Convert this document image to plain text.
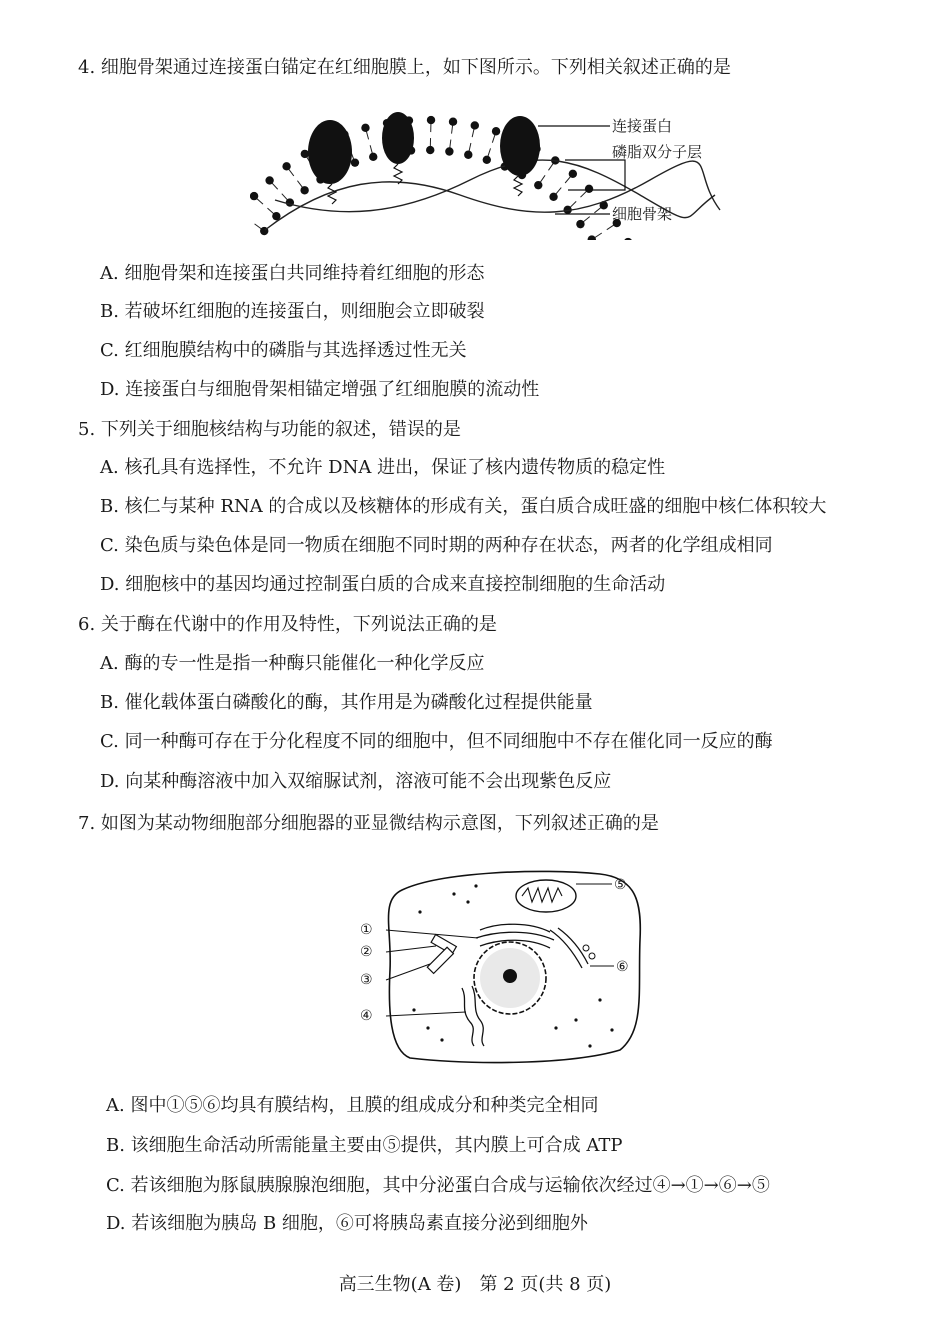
4. 细胞骨架通过连接蛋白锚定在红细胞膜上，如下图所示。下列相关叙述正确的是
连接蛋白
磷脂双分子层
细胞骨架
A. 细胞骨架和连接蛋白共同维持着红细胞的形态
B. 若破坏红细胞的连接蛋白，则细胞会立即破裂
C. 红细胞膜结构中的磷脂与其选择透过性无关
D. 连接蛋白与细胞骨架相锚定增强了红细胞膜的流动性
5. 下列关于细胞核结构与功能的叙述，错误的是
A. 核孔具有选择性，不允许 DNA 进出，保证了核内遗传物质的稳定性
B. 核仁与某种 RNA 的合成以及核糖体的形成有关，蛋白质合成旺盛的细胞中核仁体积较大
C. 染色质与染色体是同一物质在细胞不同时期的两种存在状态，两者的化学组成相同
D. 细胞核中的基因均通过控制蛋白质的合成来直接控制细胞的生命活动
6. 关于酶在代谢中的作用及特性，下列说法正确的是
A. 酶的专一性是指一种酶只能催化一种化学反应
B. 催化载体蛋白磷酸化的酶，其作用是为磷酸化过程提供能量
C. 同一种酶可存在于分化程度不同的细胞中，但不同细胞中不存在催化同一反应的酶
D. 向某种酶溶液中加入双缩脲试剂，溶液可能不会出现紫色反应
7. 如图为某动物细胞部分细胞器的亚显微结构示意图，下列叙述正确的是
①
②
③
④
⑤
⑥
A. 图中①⑤⑥均具有膜结构，且膜的组成成分和种类完全相同
B. 该细胞生命活动所需能量主要由⑤提供，其内膜上可合成 ATP
C. 若该细胞为豚鼠胰腺腺泡细胞，其中分泌蛋白合成与运输依次经过④→①→⑥→⑤
D. 若该细胞为胰岛 B 细胞，⑥可将胰岛素直接分泌到细胞外
高三生物(A 卷)　第 2 页(共 8 页)
